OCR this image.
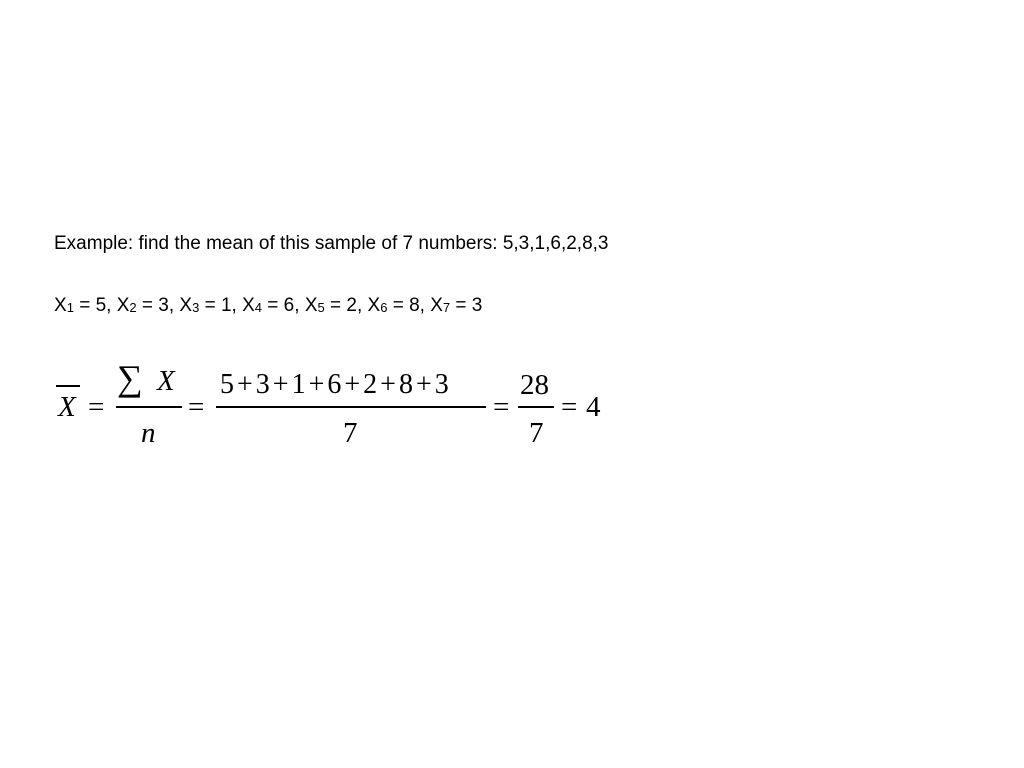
Example: find the mean of this sample of 7 numbers: 5,3,1,6,2,8,3
$X_1 = 5$, $X_2 = 3$, $X_3 = 1$, $X_4 = 6$, $X_5 = 2$, $X_6 = 8$, $X_7 = 3$
X =
∑ X
n
=
5 + 3 + 1 + 6 + 2 + 8 + 3
7
=
28
7
= 4
